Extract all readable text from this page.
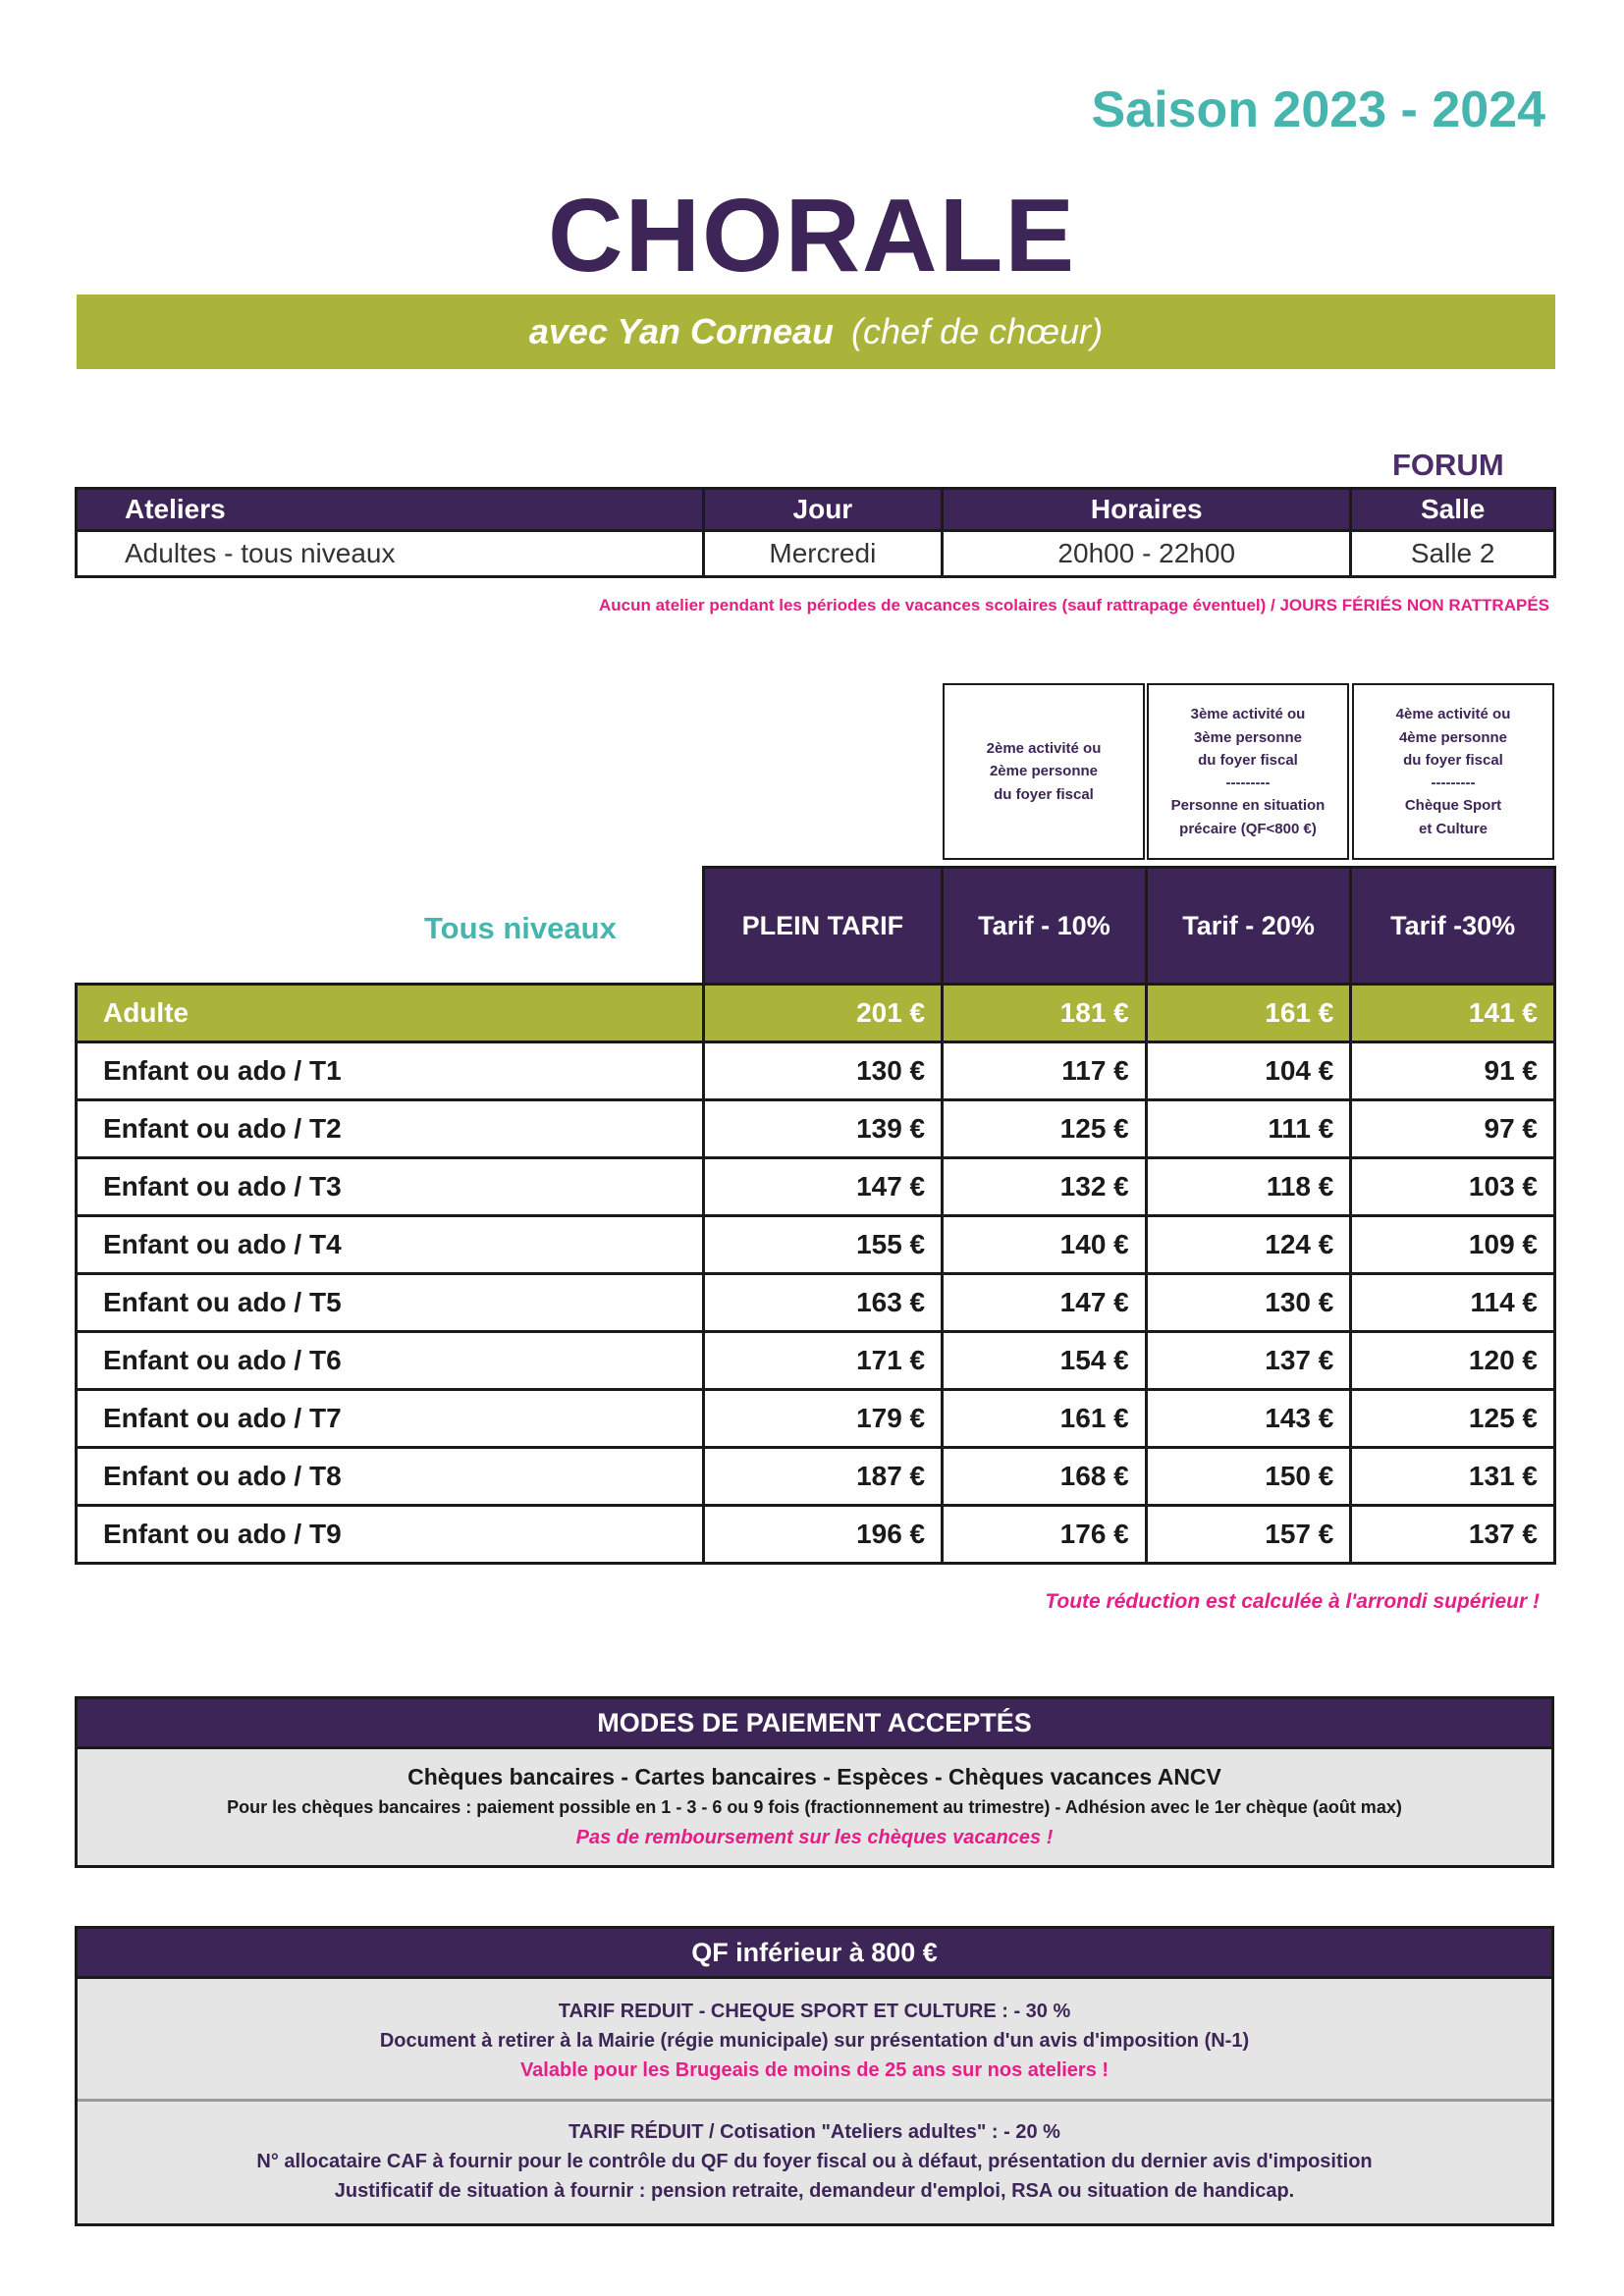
Saison 2023 - 2024
CHORALE
avec Yan Corneau (chef de chœur)
FORUM
Ateliers	Jour	Horaires	Salle
Adultes - tous niveaux	Mercredi	20h00 - 22h00	Salle 2
Aucun atelier pendant les périodes de vacances scolaires (sauf rattrapage éventuel) / JOURS FÉRIÉS NON RATTRAPÉS
2ème activité ou
2ème personne
du foyer fiscal
3ème activité ou
3ème personne
du foyer fiscal
---------
Personne en situation
précaire (QF<800 €)
4ème activité ou
4ème personne
du foyer fiscal
---------
Chèque Sport
et Culture
	PLEIN TARIF	Tarif - 10%	Tarif - 20%	Tarif -30%
Adulte	201 €	181 €	161 €	141 €
Enfant ou ado / T1	130 €	117 €	104 €	91 €
Enfant ou ado / T2	139 €	125 €	111 €	97 €
Enfant ou ado / T3	147 €	132 €	118 €	103 €
Enfant ou ado / T4	155 €	140 €	124 €	109 €
Enfant ou ado / T5	163 €	147 €	130 €	114 €
Enfant ou ado / T6	171 €	154 €	137 €	120 €
Enfant ou ado / T7	179 €	161 €	143 €	125 €
Enfant ou ado / T8	187 €	168 €	150 €	131 €
Enfant ou ado / T9	196 €	176 €	157 €	137 €
Tous niveaux
Toute réduction est calculée à l'arrondi supérieur !
MODES DE PAIEMENT ACCEPTÉS
Chèques bancaires - Cartes bancaires - Espèces - Chèques vacances ANCV
Pour les chèques bancaires : paiement possible en 1 - 3 - 6 ou 9 fois (fractionnement au trimestre) - Adhésion avec le 1er chèque (août max)
Pas de remboursement sur les chèques vacances !
QF inférieur à 800 €
TARIF REDUIT - CHEQUE SPORT ET CULTURE : - 30 %
Document à retirer à la Mairie (régie municipale) sur présentation d'un avis d'imposition (N-1)
Valable pour les Brugeais de moins de 25 ans sur nos ateliers !
TARIF RÉDUIT / Cotisation "Ateliers adultes" : - 20 %
N° allocataire CAF à fournir pour le contrôle du QF du foyer fiscal ou à défaut, présentation du dernier avis d'imposition
Justificatif de situation à fournir : pension retraite, demandeur d'emploi, RSA ou situation de handicap.
